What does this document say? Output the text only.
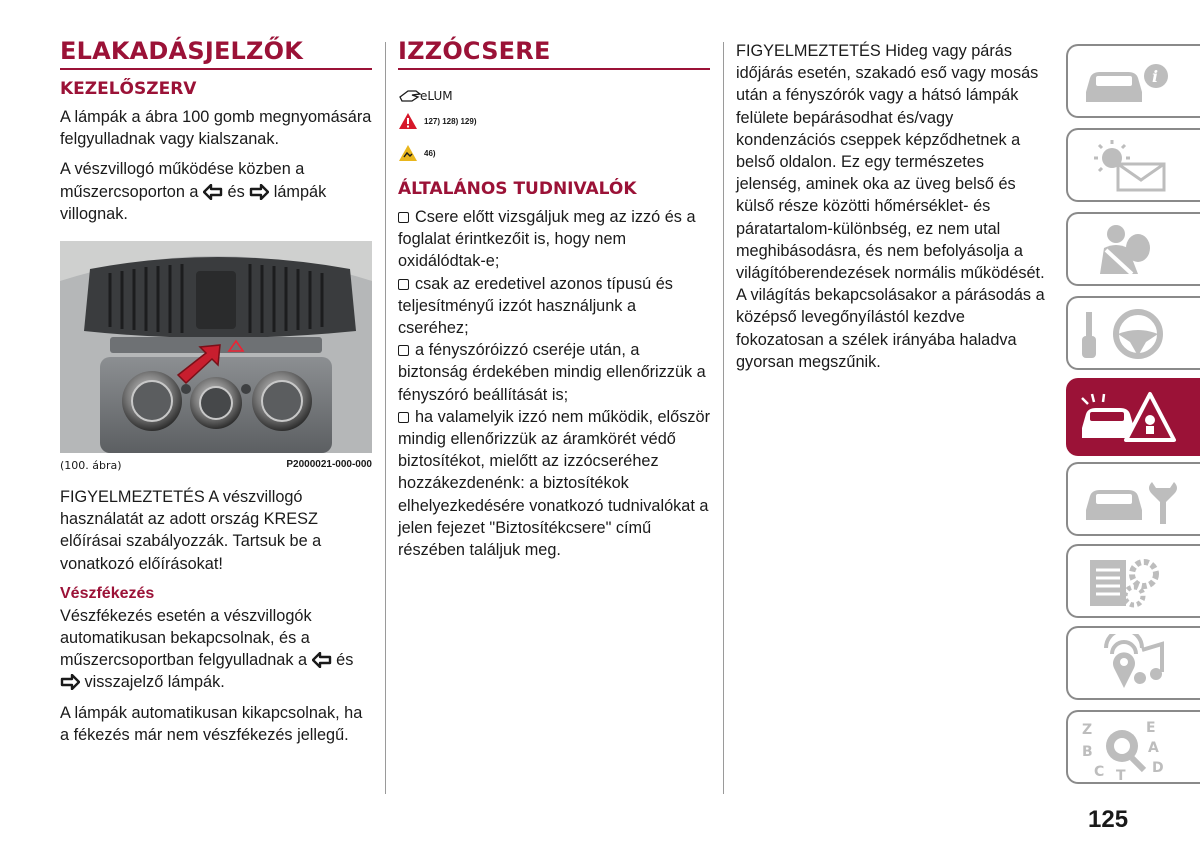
ELAKADÁSJELZŐK
KEZELŐSZERV

A lámpák a ábra 100 gomb megnyomására felgyulladnak vagy kialszanak.

A vészvillogó működése közben a műszercsoporton a  és  lámpák villognak.

(100. ábra)	P2000021-000-000

FIGYELMEZTETÉS A vészvillogó használatát az adott ország KRESZ előírásai szabályozzák. Tartsuk be a vonatkozó előírásokat!

Vészfékezés

Vészfékezés esetén a vészvillogók automatikusan bekapcsolnak, és a műszercsoportban felgyulladnak a  és  visszajelző lámpák.

A lámpák automatikusan kikapcsolnak, ha a fékezés már nem vészfékezés jellegű.

IZZÓCSERE
eLUM
127) 128) 129)
46)
ÁLTALÁNOS TUDNIVALÓK

Csere előtt vizsgáljuk meg az izzó és a foglalat érintkezőit is, hogy nem oxidálódtak-e;

csak az eredetivel azonos típusú és teljesítményű izzót használjunk a cseréhez;

a fényszóróizzó cseréje után, a biztonság érdekében mindig ellenőrizzük a fényszóró beállítását is;

ha valamelyik izzó nem működik, először mindig ellenőrizzük az áramkörét védő biztosítékot, mielőtt az izzócseréhez hozzákezdenénk: a biztosítékok elhelyezkedésére vonatkozó tudnivalókat a jelen fejezet "Biztosítékcsere" című részében találjuk meg.

FIGYELMEZTETÉS Hideg vagy párás időjárás esetén, szakadó eső vagy mosás után a fényszórók vagy a hátsó lámpák felülete bepárásodhat és/vagy kondenzációs cseppek képződhetnek a belső oldalon. Ez egy természetes jelenség, aminek oka az üveg belső és külső része közötti hőmérséklet- és páratartalom-különbség, ez nem utal meghibásodásra, és nem befolyásolja a világítóberendezések normális működését. A világítás bekapcsolásakor a párásodás a középső levegőnyílástól kezdve fokozatosan a szélek irányába haladva gyorsan megszűnik.

i
Z	E
B	A
C T D
125
